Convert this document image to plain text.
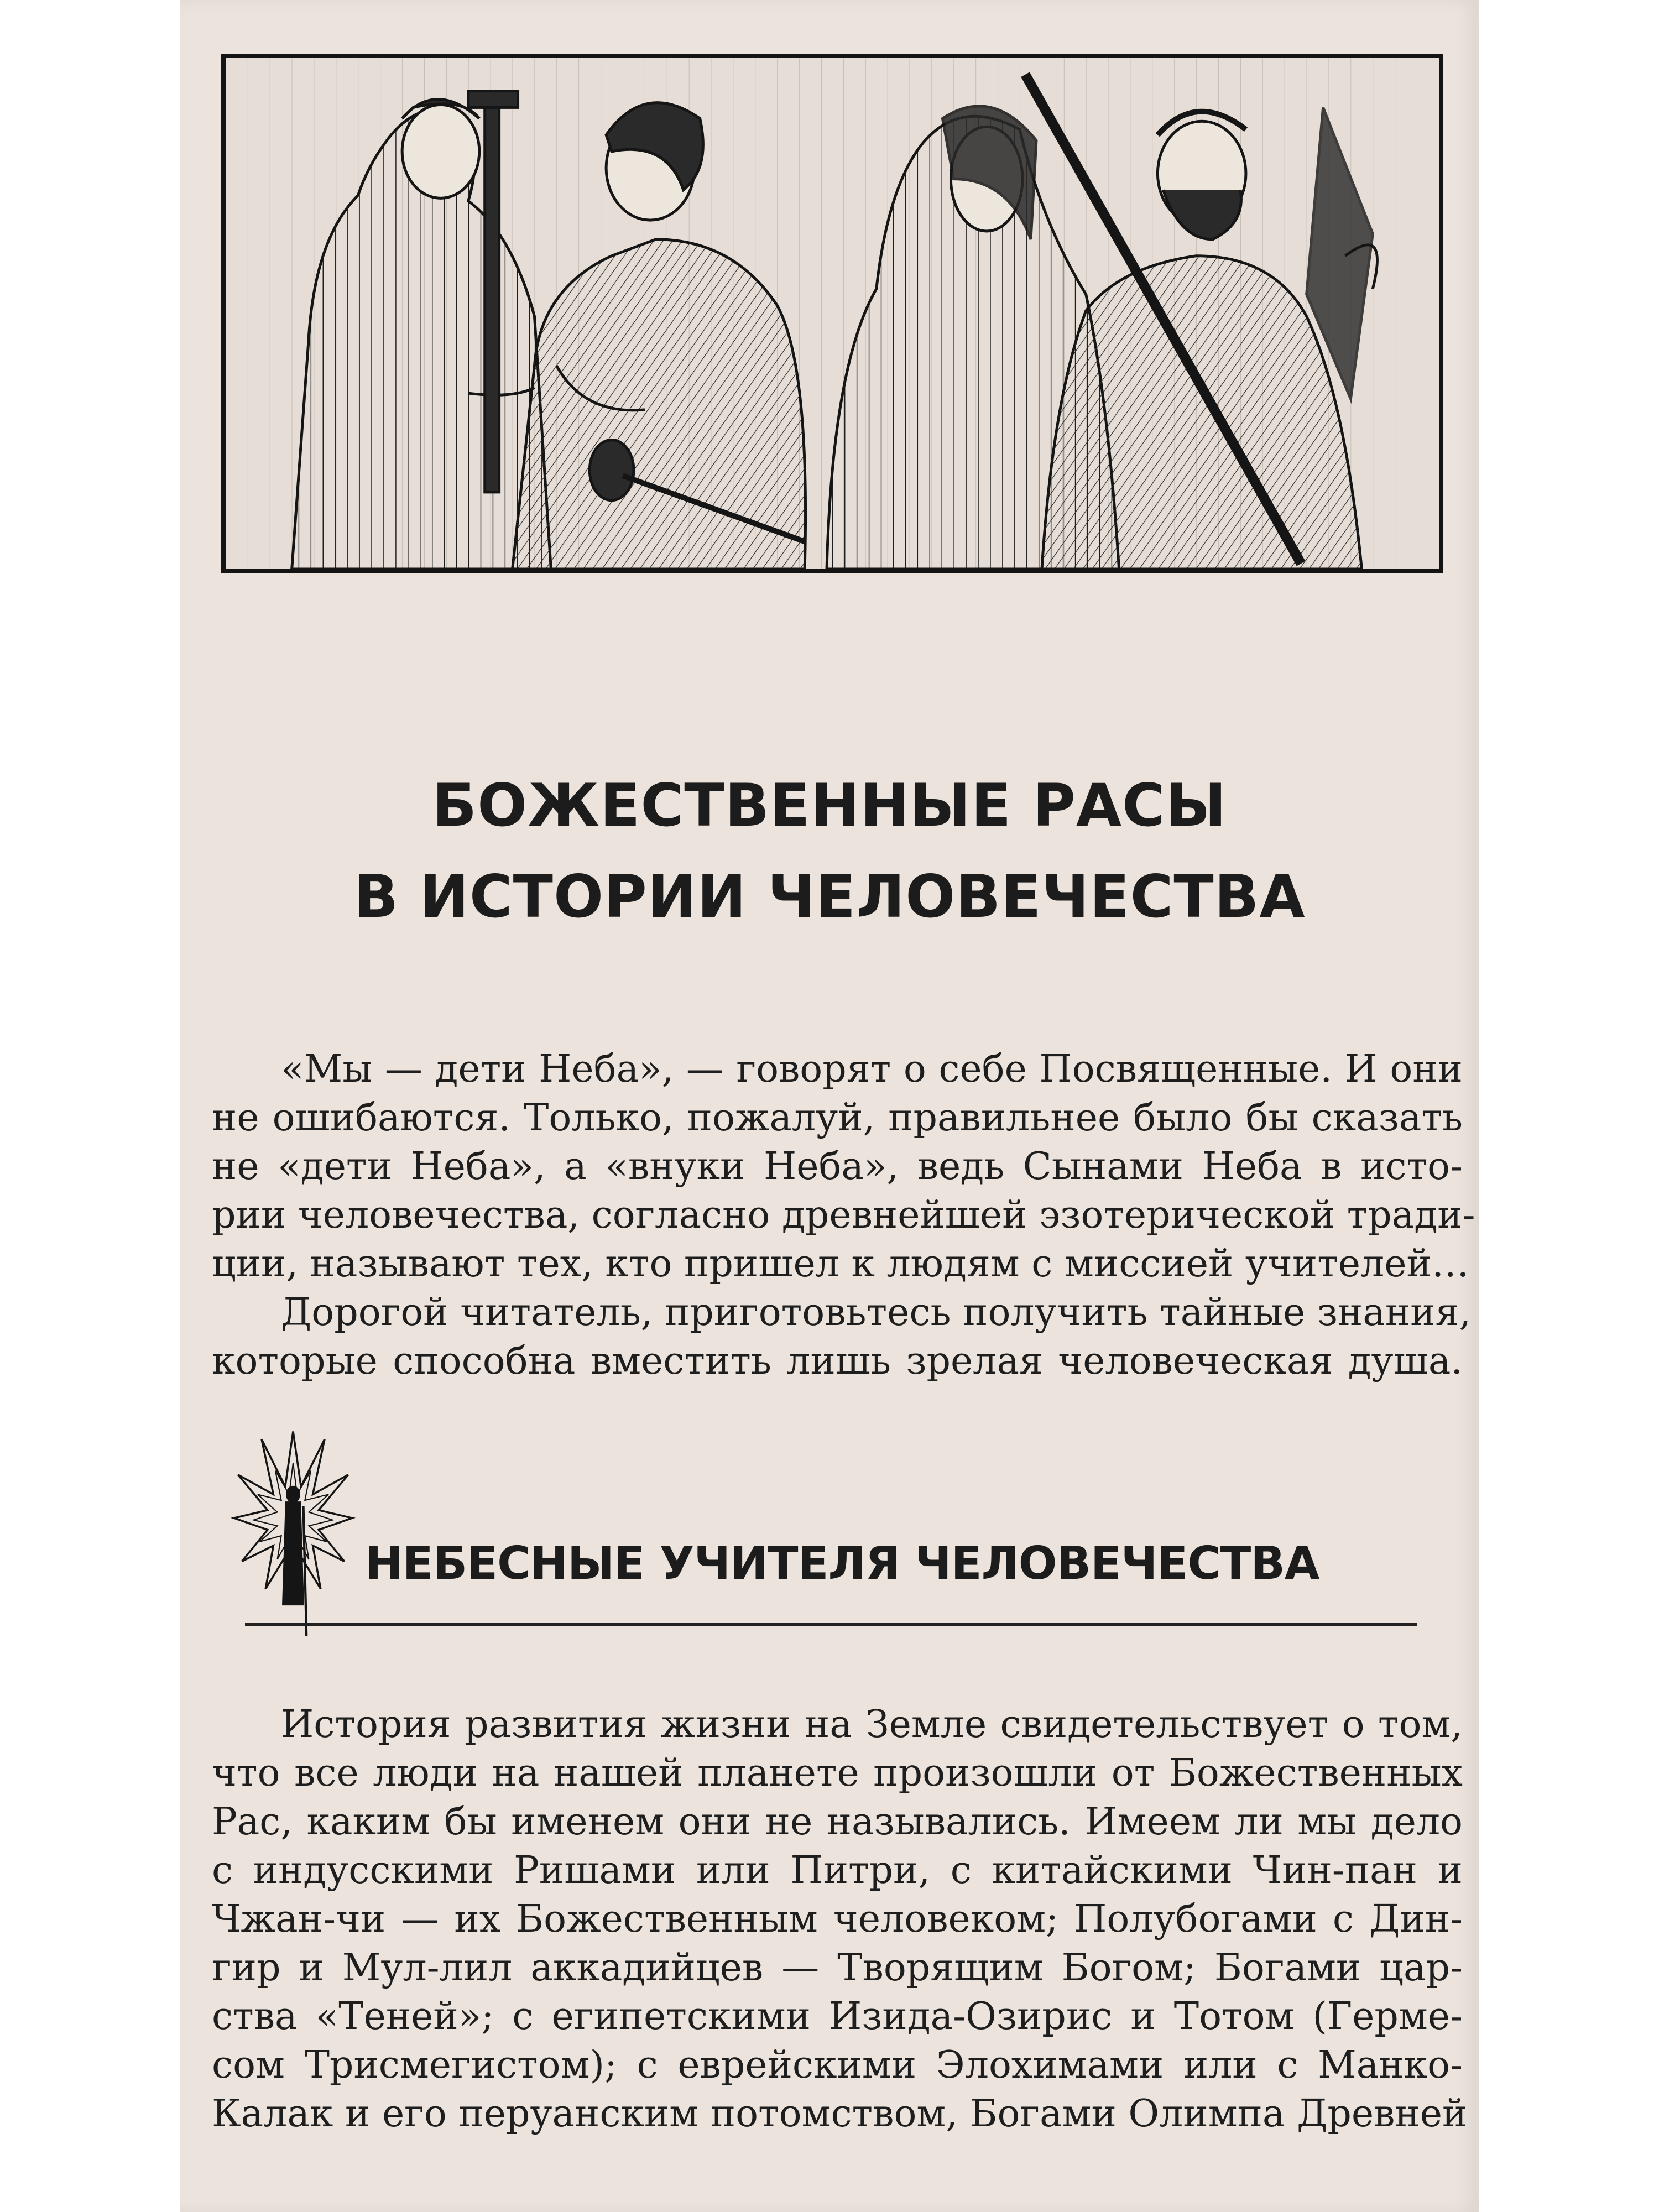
БОЖЕСТВЕННЫЕ РАСЫ
В ИСТОРИИ ЧЕЛОВЕЧЕСТВА
«Мы — дети Неба», — говорят о себе Посвященные. И они
не ошибаются. Только, пожалуй, правильнее было бы сказать
не «дети Неба», а «внуки Неба», ведь Сынами Неба в исто-
рии человечества, согласно древнейшей эзотерической тради-
ции, называют тех, кто пришел к людям с миссией учителей…
Дорогой читатель, приготовьтесь получить тайные знания,
которые способна вместить лишь зрелая человеческая душа.
НЕБЕСНЫЕ УЧИТЕЛЯ ЧЕЛОВЕЧЕСТВА
История развития жизни на Земле свидетельствует о том,
что все люди на нашей планете произошли от Божественных
Рас, каким бы именем они не назывались. Имеем ли мы дело
с индусскими Ришами или Питри, с китайскими Чин-пан и
Чжан-чи — их Божественным человеком; Полубогами с Дин-
гир и Мул-лил аккадийцев — Творящим Богом; Богами цар-
ства «Теней»; с египетскими Изида-Озирис и Тотом (Герме-
сом Трисмегистом); с еврейскими Элохимами или с Манко-
Калак и его перуанским потомством, Богами Олимпа Древней
